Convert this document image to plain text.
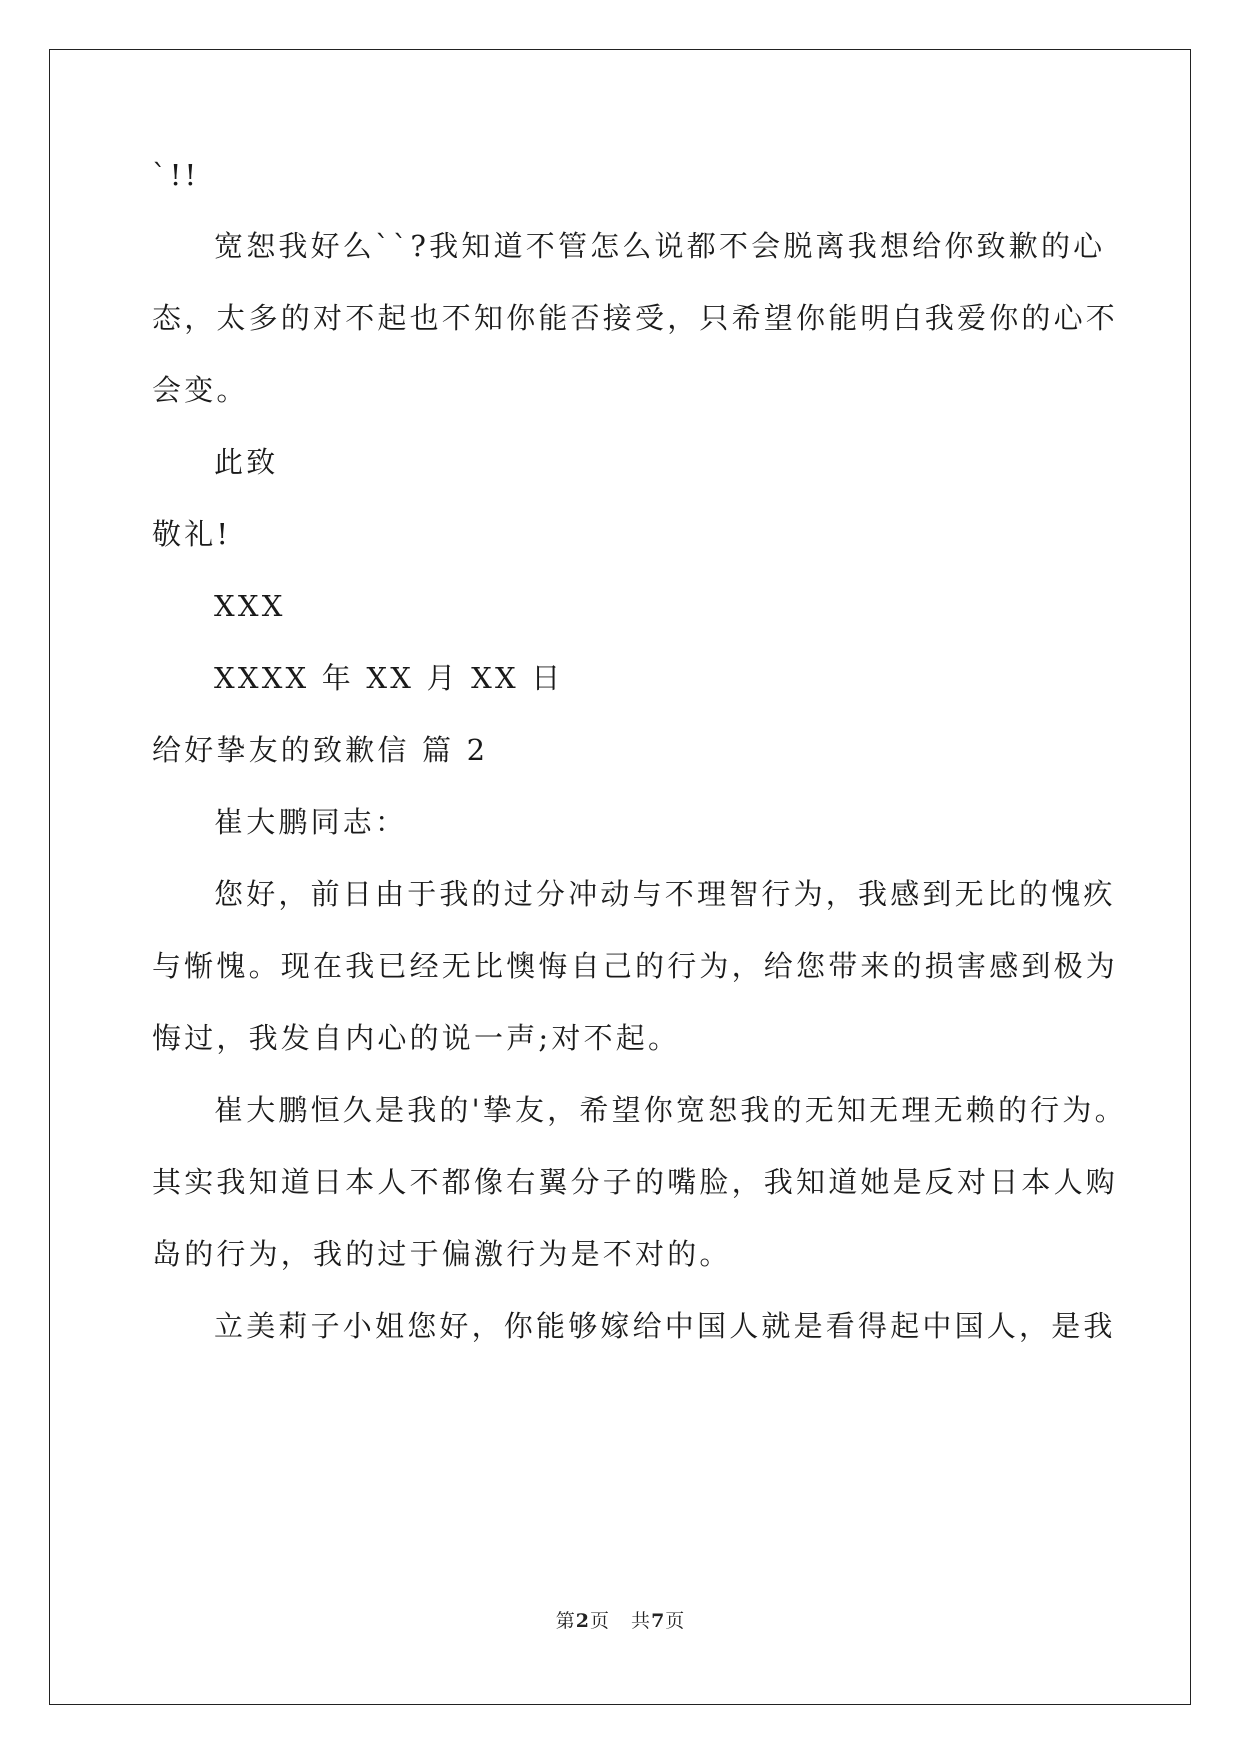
`!!
宽恕我好么``?我知道不管怎么说都不会脱离我想给你致歉的心
态，太多的对不起也不知你能否接受，只希望你能明白我爱你的心不
会变。
此致
敬礼!
XXX
XXXX 年 XX 月 XX 日
给好挚友的致歉信 篇 2
崔大鹏同志：
您好，前日由于我的过分冲动与不理智行为，我感到无比的愧疚
与惭愧。现在我已经无比懊悔自己的行为，给您带来的损害感到极为
悔过，我发自内心的说一声;对不起。
崔大鹏恒久是我的'挚友，希望你宽恕我的无知无理无赖的行为。
其实我知道日本人不都像右翼分子的嘴脸，我知道她是反对日本人购
岛的行为，我的过于偏激行为是不对的。
立美莉子小姐您好，你能够嫁给中国人就是看得起中国人，是我
第2页   共7页
